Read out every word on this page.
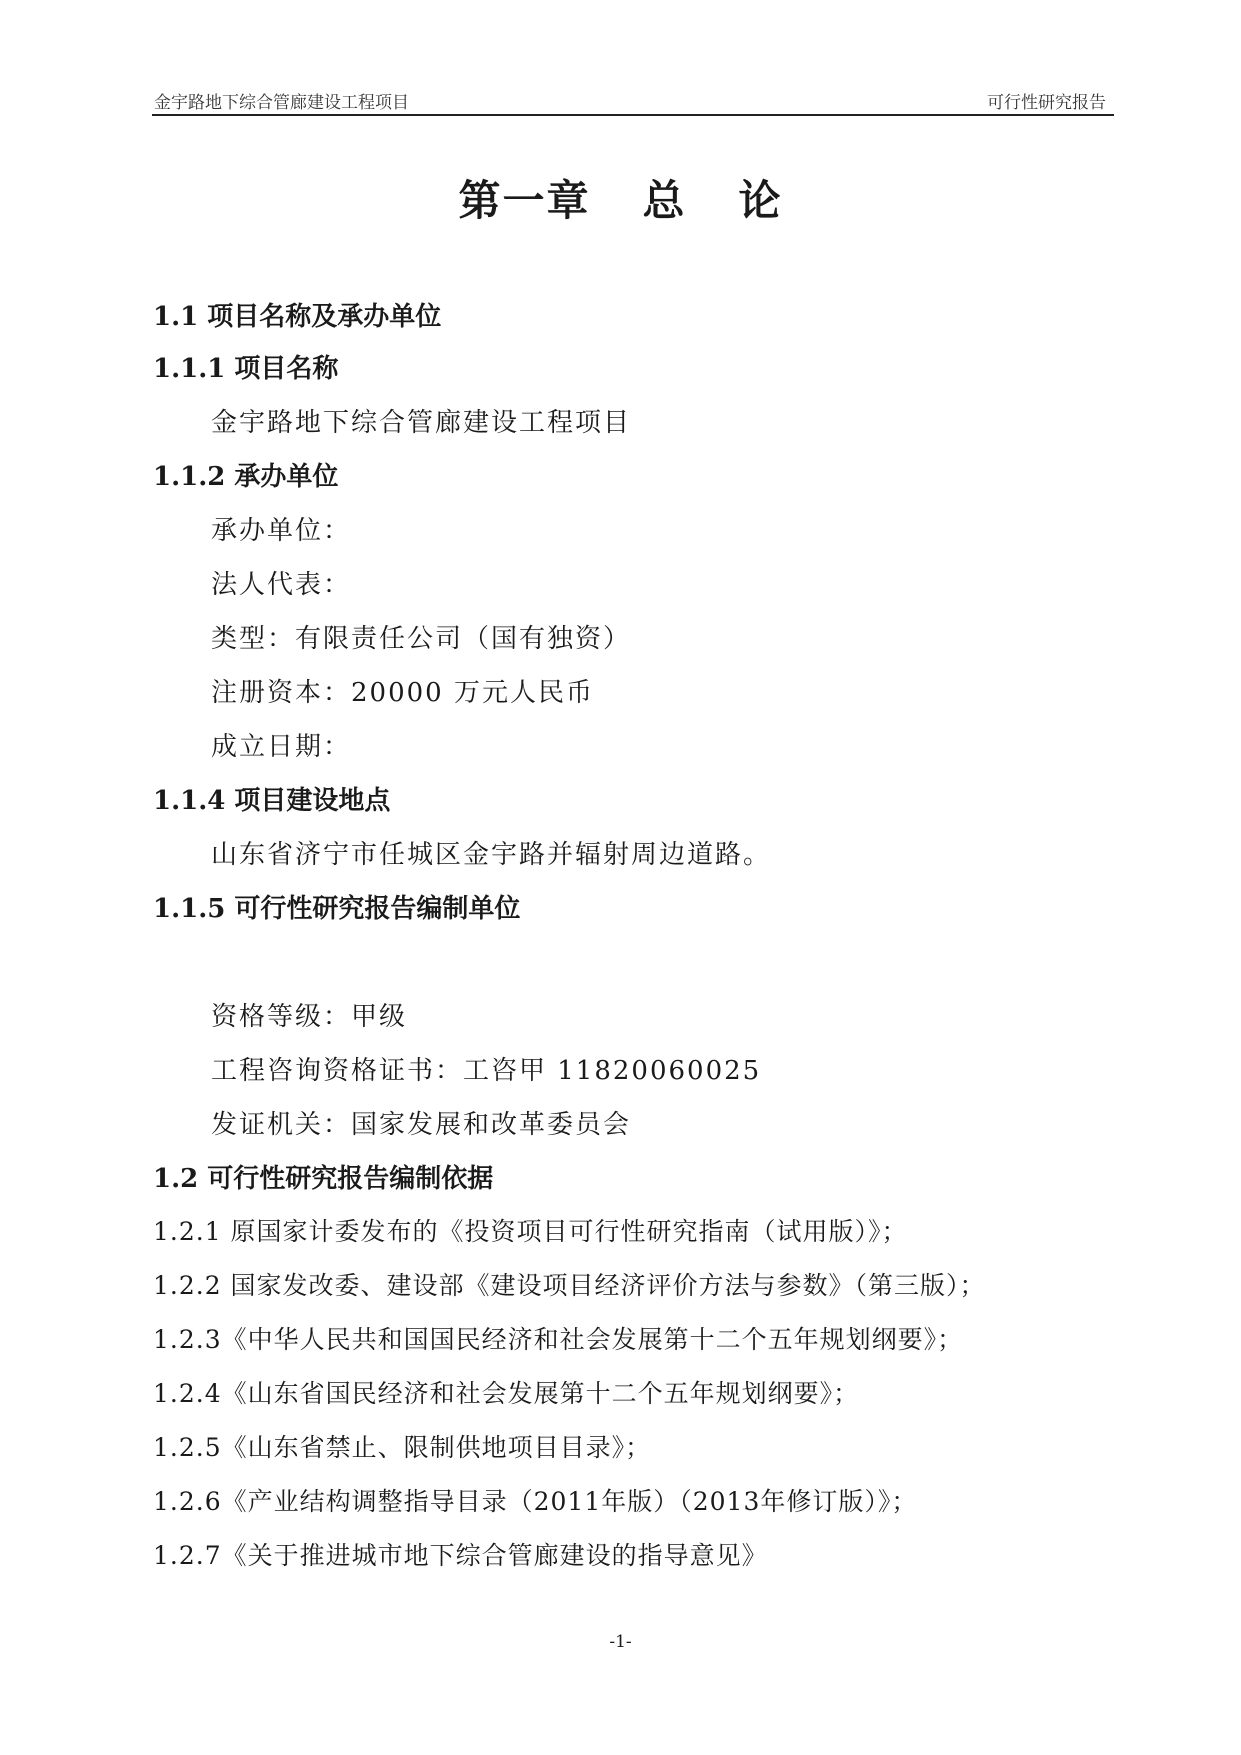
金宇路地下综合管廊建设工程项目	可行性研究报告
第一章 总 论
1.1 项目名称及承办单位
1.1.1 项目名称
金宇路地下综合管廊建设工程项目
1.1.2 承办单位
承办单位：
法人代表：
类型：有限责任公司（国有独资）
注册资本：20000 万元人民币
成立日期：
1.1.4 项目建设地点
山东省济宁市任城区金宇路并辐射周边道路。
1.1.5 可行性研究报告编制单位
资格等级：甲级
工程咨询资格证书：工咨甲 11820060025
发证机关：国家发展和改革委员会
1.2 可行性研究报告编制依据
1.2.1 原国家计委发布的《投资项目可行性研究指南（试用版）》；
1.2.2 国家发改委、建设部《建设项目经济评价方法与参数》（第三版）；
1.2.3《中华人民共和国国民经济和社会发展第十二个五年规划纲要》；
1.2.4《山东省国民经济和社会发展第十二个五年规划纲要》；
1.2.5《山东省禁止、限制供地项目目录》；
1.2.6《产业结构调整指导目录（2011年版）（2013年修订版）》；
1.2.7《关于推进城市地下综合管廊建设的指导意见》
-1-
